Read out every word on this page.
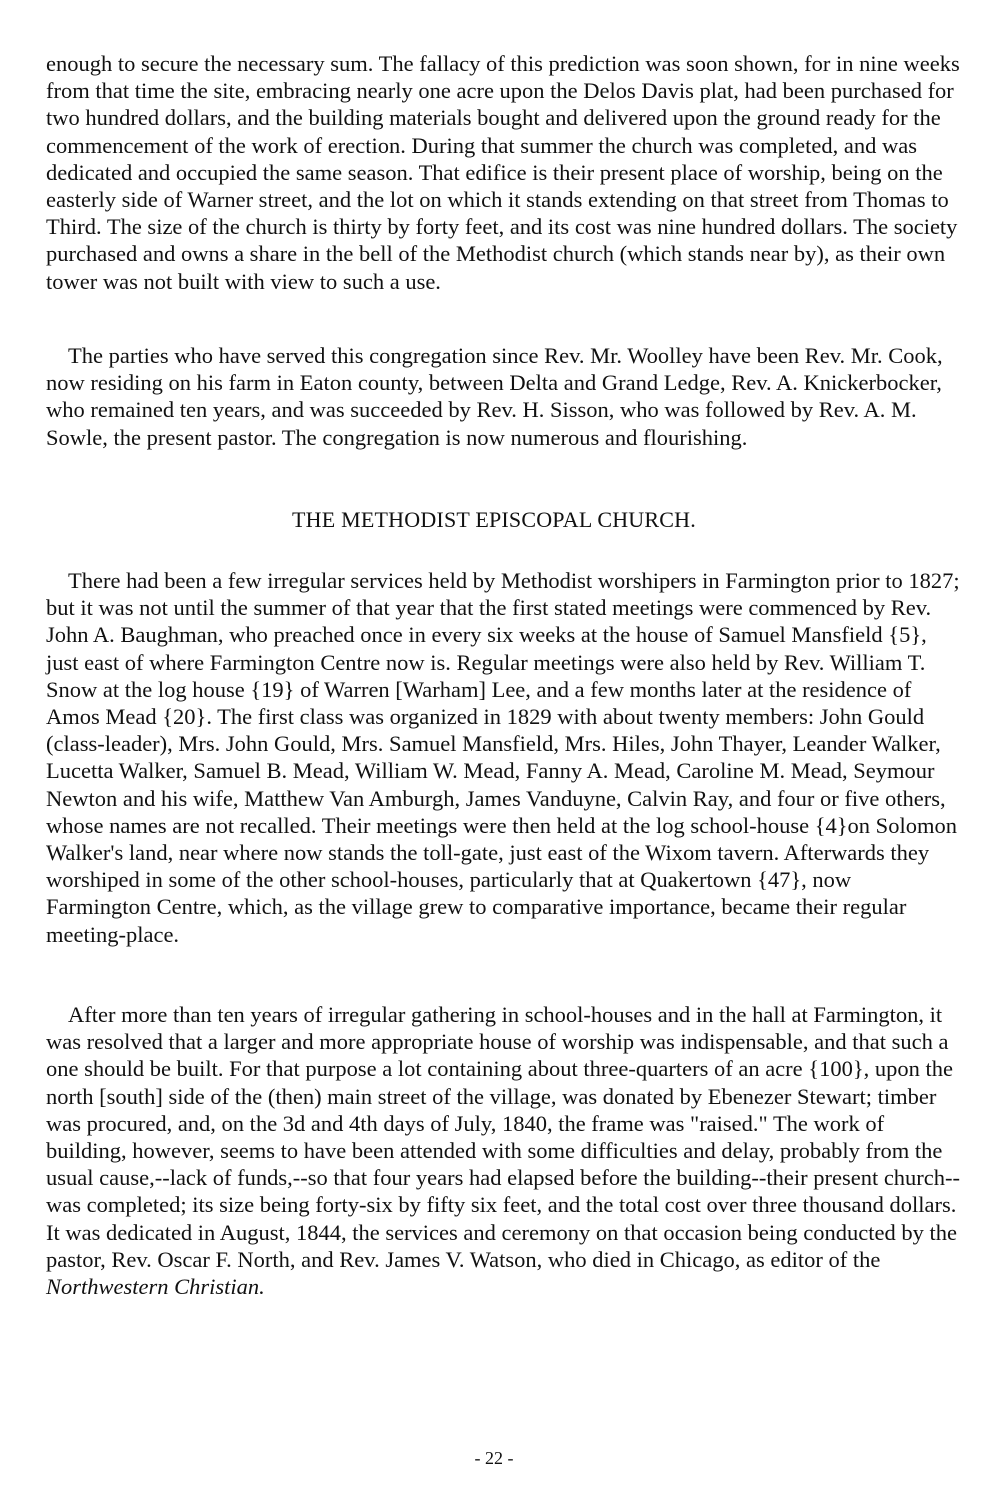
enough to secure the necessary sum. The fallacy of this prediction was soon shown, for in nine weeks from that time the site, embracing nearly one acre upon the Delos Davis plat, had been purchased for two hundred dollars, and the building materials bought and delivered upon the ground ready for the commencement of the work of erection. During that summer the church was completed, and was dedicated and occupied the same season. That edifice is their present place of worship, being on the easterly side of Warner street, and the lot on which it stands extending on that street from Thomas to Third. The size of the church is thirty by forty feet, and its cost was nine hundred dollars. The society purchased and owns a share in the bell of the Methodist church (which stands near by), as their own tower was not built with view to such a use.

The parties who have served this congregation since Rev. Mr. Woolley have been Rev. Mr. Cook, now residing on his farm in Eaton county, between Delta and Grand Ledge, Rev. A. Knickerbocker, who remained ten years, and was succeeded by Rev. H. Sisson, who was followed by Rev. A. M. Sowle, the present pastor. The congregation is now numerous and flourishing.

THE METHODIST EPISCOPAL CHURCH.

There had been a few irregular services held by Methodist worshipers in Farmington prior to 1827; but it was not until the summer of that year that the first stated meetings were commenced by Rev. John A. Baughman, who preached once in every six weeks at the house of Samuel Mansfield {5}, just east of where Farmington Centre now is. Regular meetings were also held by Rev. William T. Snow at the log house {19} of Warren [Warham] Lee, and a few months later at the residence of Amos Mead {20}. The first class was organized in 1829 with about twenty members: John Gould (class-leader), Mrs. John Gould, Mrs. Samuel Mansfield, Mrs. Hiles, John Thayer, Leander Walker, Lucetta Walker, Samuel B. Mead, William W. Mead, Fanny A. Mead, Caroline M. Mead, Seymour Newton and his wife, Matthew Van Amburgh, James Vanduyne, Calvin Ray, and four or five others, whose names are not recalled. Their meetings were then held at the log school-house {4}on Solomon Walker's land, near where now stands the toll-gate, just east of the Wixom tavern. Afterwards they worshiped in some of the other school-houses, particularly that at Quakertown {47}, now Farmington Centre, which, as the village grew to comparative importance, became their regular meeting-place.

After more than ten years of irregular gathering in school-houses and in the hall at Farmington, it was resolved that a larger and more appropriate house of worship was indispensable, and that such a one should be built. For that purpose a lot containing about three-quarters of an acre {100}, upon the north [south] side of the (then) main street of the village, was donated by Ebenezer Stewart; timber was procured, and, on the 3d and 4th days of July, 1840, the frame was "raised." The work of building, however, seems to have been attended with some difficulties and delay, probably from the usual cause,--lack of funds,--so that four years had elapsed before the building--their present church--was completed; its size being forty-six by fifty six feet, and the total cost over three thousand dollars. It was dedicated in August, 1844, the services and ceremony on that occasion being conducted by the pastor, Rev. Oscar F. North, and Rev. James V. Watson, who died in Chicago, as editor of the Northwestern Christian.

- 22 -
